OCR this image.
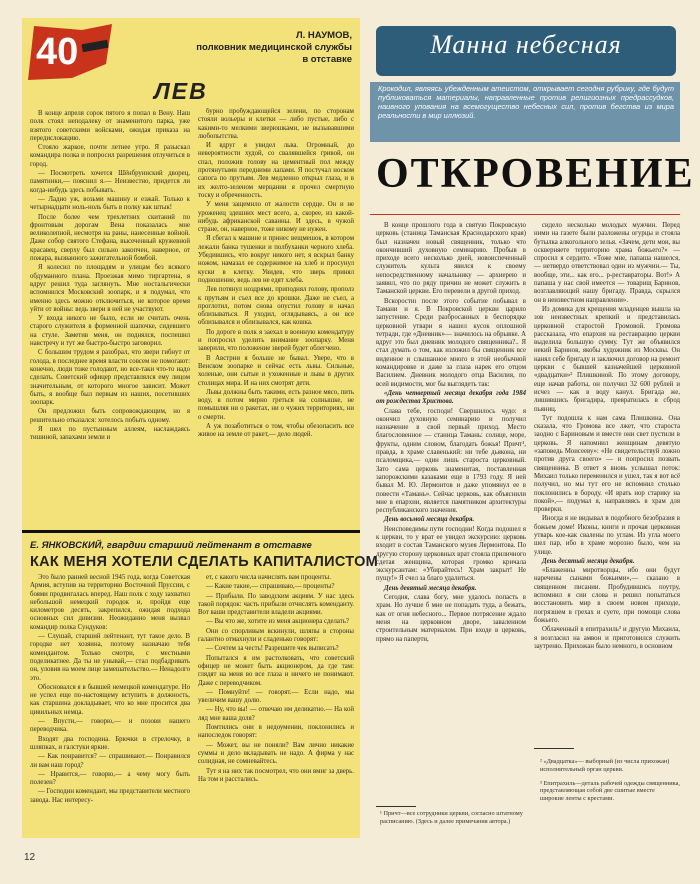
40	Л. НАУМОВ,
полковник медицинской службы в отставке
ЛЕВ

В конце апреля сорок пятого я попал в Вену. Наш полк стоял неподалеку от знаменитого парка, уже взятого советскими войсками, ожидая приказа на передислокацию.

Стояло жаркое, почти летнее утро. Я разыскал командира полка и попросил разрешения отлучиться в город.

— Посмотреть хочется Шёнбруннский дворец, памятники,— пояснил я.— Неизвестно, придется ли когда-нибудь здесь побывать.

— Ладно уж, возьми машину и езжай. Только к четырнадцати ноль-ноль быть в полку как штык!

После более чем трехлетних скитаний по фронтовым дорогам Вена показалась мне великолепной, несмотря на раны, нанесенные войной. Даже собор святого Стефана, высеченный кружевной красавец, сверху был сильно закопчен, наверное, от пожара, вызванного зажигательной бомбой.

Я колесил по площадям и улицам без всякого обдуманного плана. Проезжая мимо тиргартена, я вдруг решил туда заглянуть. Мне ностальгически вспомнился Московский зоопарк, и я подумал, что именно здесь можно отключиться, не которое время уйти от войны: ведь звери в ней не участвуют.

У входа никого не было, если не считать очень старого служителя в форменной шапочке, сидевшего на стуле. Заметив меня, он поднялся, поспешил навстречу и тут же быстро-быстро заговорил.

С большим трудом я разобрал, что звери гибнут от голода, в последнее время власти совсем не помогают: конечно, люди тоже голодают, но все-таки что-то надо сделать. Советский офицер представлялся ему лицом значительным, от которого многое зависит. Может быть, я вообще был первым из наших, посетивших зоопарк.

Он предложил быть сопровождающим, но я решительно отказался: хотелось побыть одному.

Я шел по пустынным аллеям, наслаждаясь тишиной, запахами земли и

бурно пробуждающейся зелени, по сторонам стояли вольеры и клетки — либо пустые, либо с какими-то мелкими зверюшками, не вызывавшими любопытства.

И вдруг я увидел льва. Огромный, до невероятности худой, со свалявшейся гривой, он спал, положив голову на цементный пол между протянутыми передними лапами. Я постучал носком сапога по прутьям. Лев медленно открыл глаза, и в их желто-зеленом мерцании я прочел смертную тоску и обреченность.

У меня защемило от жалости сердце. Он и не уроженец здешних мест всего, а, скорее, из какой-нибудь африканской саванны. И здесь, в чужой стране, он, наверное, тоже никому не нужен.

Я сбегал к машине и принес вещмешок, в котором лежали банка тушенки и полбуханки черного хлеба. Убедившись, что вокруг никого нет, я вскрыл банку ножом, намазал ее содержимое на хлеб и просунул куски в клетку. Увидев, что зверь принял подношение, ведь лев не едят хлеба.

Лев потянул ноздрями, приподнял голову, прополз к прутьям и съел все до крошки. Даже не съел, а проглотил, потом снова опустил голову и начал облизываться. Я уходил, оглядываясь, а он все облизывался и облизывался, как кошка.

По дороге в полк я заехал в военную комендатуру и попросил уделить внимание зоопарку. Меня заверили, что положение зверей будет облегчено.

В Австрии я больше не бывал. Увере, что в Венском зоопарке и сейчас есть львы. Сильные, холеные, они сытые и ухоженные и львы в других столицах мира. И на них смотрят дети.

Львы должны быть такими, есть разное мясо, пить воду, в потом мирно греться на солнышке, не помышляя ни о ракетах, ни о чужих территориях, ни о смерти.

А уж позаботиться о том, чтобы обезопасить все живое на земле от ракет,— дело людей.

Е. ЯНКОВСКИЙ, гвардии старший лейтенант в отставке
КАК МЕНЯ ХОТЕЛИ СДЕЛАТЬ КАПИТАЛИСТОМ

Это было ранней весной 1945 года, когда Советская Армия, вступив на территорию Восточной Пруссии, с боями продвигалась вперед. Наш полк с ходу захватил небольшой немецкий городок и, пройдя еще километров десять, закрепился, ожидая подхода основных сил дивизии. Неожиданно меня вызвал командир полка Сундуков:

— Слушай, старший лейтенант, тут такое дело. В городке нет хозяина, поэтому назначаю тебя комендантом. Только смотри, с местными поделикатнее. Да ты не унывай,— стал подбадривать он, уловив на моем лице замешательство.— Ненадолго это.

Обосновался я в бывшей немецкой комендатуре. Но не успел еще по-настоящему вступить в должность, как старшина докладывает, что ко мне просится два цивильных немца.

— Впусти,— говорю,— и позови нашего переводчика.

Входят два господина. Брючки в стрелочку, в шляпках, и галстуки яркие.

— Как понравится? — спрашивают.— Понравился ли вам наш город?

— Нравится,— говорю,— а чему могу быть полезен?

— Господин комендант, мы представители местного завода. Нас интересу-

ет, с какого числа начислять вам проценты.

— Какие такие,— спрашиваю,— проценты?

— Прибыли. По заводским акциям. У нас здесь такой порядок: часть прибыли отчислять коменданту. Вот ваши представители владели акциями.

— Вы что же, хотите из меня акционера сделать?

Они со спорливым вскинули, шляпы в стороны галантно отмахнули и сладенько говорят:

— Сочтем за честь! Разрешите чек выписать?

Попытался я им растолковать, что советский офицер не может быть акционером, да где там: глядят на меня во все глаза и ничего не понимают. Даже с переводчиком.

— Помнуйте! — говорят.— Если надо, мы увеличим вашу долю.

— Ну, что вы! — отвечаю им деликатно.— На кой ляд мне ваша доля?

Помтились они в недоумении, поклонились и напоследок говорят:

— Может, вы не поняли? Вам лично никакие суммы и дело вкладывать не надо. А фирма у нас солидная, не сомневайтесь.

Тут я на них так посмотрел, что они вмиг за дверь. На том и расстались.

Манна небесная
Крокодил, являясь убежденным атеистом, открывает сегодня рубрику, где будут публиковаться материалы, направленные против религиозных предрассудков, наивного упования на всемогущество небесных сил, против бегства из мира реальности в мир иллюзий.
ОТКРОВЕНИЕ

В конце прошлого года в святую Покровскую церковь (станица Таманская Краснодарского края) был назначен новый священник, только что окончивший духовную семинарию. Пробыв в приходе всего несколько дней, новоиспеченный служитель культа явился к своему непосредственному начальнику — архиерею и заявил, что по ряду причин не может служить в Таманской церкви. Его перевели в другой приход.

Вскоростиı после этого событие побывал в Тамани и я. В Покровской церкви царило запустение. Среди разбросанных в беспорядке церковной утвари я нашел кусок оплошной тетради, где «Дневник»— значилось на обрывке. А вдруг это был дневник молодого священника?.. Я стал думать о том, как изложил бы священник все виденное и слышанное много в этой необычной командировке и даже за глаза нарек его отцом Василием. Дневник молодого отца Василия, по всей видимости, мог бы выглядеть так:

«День четвертый месяца декабря года 1984 от рождества Христова.

Слава тебе, господи! Свершилось чудо: я окончил духовную семинарию и получил назначение в свой первый приход. Место благословенное — станица Тамань: солнце, море, фрукты, одним словом, благодать божья! Причт¹, правда, в храме славенький: ни тебе дьякона, ни псаломщика,— один лишь староста церковный. Зато сама церковь знаменитая, поставленная запорожскими казаками еще в 1793 году. Я ней бывал М. Ю. Лермонтов и даже упомянул ее в повести «Тамань». Сейчас церковь, как объяснили мне в епархии, является памятником архитектуры республиканского значения.

День восьмой месяца декабря.

Неисповедимы пути господни! Когда подошел я к церкви, то у врат ее увидел экскурсию: церковь входит в состав Таманского музея Лермонтова. По другую сторону церковных врат стояла приличного сдетая женщина, которая громко кричала экскурсантам: «Убирайтесь! Храм закрыт! Не пущу!» Я счел за благо удалиться.

День девятый месяца декабря.

Сегодня, слава богу, мне удалось попасть в храм. Но лучше б мне не попадать туда, а бежать, как от огня небесного... Первое потрясение ждало меня на церковном дворе, заваленном строительным материалом. При входе в церковь, прямо на паперти,

сидело несколько молодых мужчин. Перед ними на газете были разложены огурцы и стояла бутылка алкогольного зелья. «Зачем, дети мои, вы оскверняете территорию храма божьего?» — спросил я сердито. «Тоже мне, папаша нашелся,— нетвердо ответствовал один из мужчин.— Ты, вообще, эти... как его... р-реставраторы. Вот!» А папаша у нас свой имеется — товарищ Баринов, возглавляющий нашу бригаду. Правда, скрылся он в неизвестном направлении».

Из домика для крещения младенцев вышла на зов неизвестных крепкий и представилась церковной старостой Громовой. Громова рассказала, что епархия на реставрацию церкви выделила большую сумму. Тут же объявился некий Баринов, якобы художник из Москвы. Он нанял себе бригаду и заключил договор на ремонт церкви с бывшей казначейшей церковной «двадцатки»² Плишкиной. По этому договору, еще начав работы, он получил 32 600 рублей и исчез — как в воду канул. Бригада же, лишившись бригадира, превратилась в сброд пьяниц.

Тут подошла к нам сама Плишкина. Она сказала, что Громова все лжет, что староста заодно с Бариновым и вместе они свет пустили в церковь. Я напомнил женщинам девятую «заповедь Моисееву»: «Не свидетельствуй ложно против друга своего» — и попросил позвать священника. В ответ я вновь услышал поток: Михаил только переменился и ушел, так я вот всё получил, но мы тут его не вспомнил столько поклонились в бороду. «И врать нор старику на покой»,— подумал я, направляясь в храм для проверки.

Иногда я не видывал в подобного безобразия в божьем доме! Иконы, книги и прочая церковная утварь кое-как свалены по углам. Из угла моего шел пар, ибо в храме морозно было, чем на улице.

День десятый месяца декабря.

«Блаженны миротворцы, ибо они будут наречены сынами божьими»,— сказано в священном писании. Пробудившись поутру, вспомнил я сии слова и решил попытаться восстановить мир в своем новом приходе, погрязшем в грехах и суете, при помощи слова божьего.

Облаченный в епитрахиль³ и другую Михаила, я возгласил на амвон и приготовился служить заутреню. Прихожан было немного, в основном

¹ Причт—все сотрудники церкви, согласно штатному расписанию. (Здесь и далее примечания автора.)

² «Двадцатка»— выборный (из числа прихожан) исполнительный орган церкви.

³ Епитрахиль—деталь рабочей одежды священника, представляющая собой две сшитые вместе широкие ленты с крестами.

12
